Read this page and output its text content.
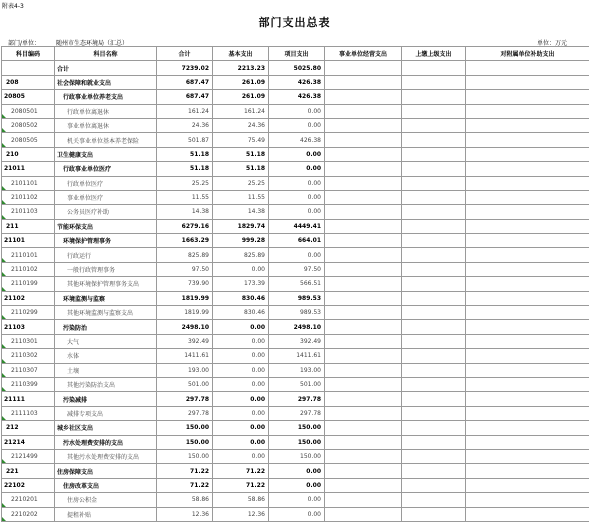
附表4-3
部门支出总表
部门/单位：	随州市生态环境局（汇总）	单位：万元
科目编码	科目名称	合计	基本支出	项目支出	事业单位经营支出	上缴上级支出	对附属单位补助支出
	合计	7239.02	2213.23	5025.80			
208	社会保障和就业支出	687.47	261.09	426.38			
20805	行政事业单位养老支出	687.47	261.09	426.38			

2080501	行政单位离退休	161.24	161.24	0.00			

2080502	事业单位离退休	24.36	24.36	0.00			

2080505	机关事业单位基本养老保险	501.87	75.49	426.38			
210	卫生健康支出	51.18	51.18	0.00			
21011	行政事业单位医疗	51.18	51.18	0.00			

2101101	行政单位医疗	25.25	25.25	0.00			

2101102	事业单位医疗	11.55	11.55	0.00			

2101103	公务员医疗补助	14.38	14.38	0.00			
211	节能环保支出	6279.16	1829.74	4449.41			
21101	环境保护管理事务	1663.29	999.28	664.01			

2110101	行政运行	825.89	825.89	0.00			

2110102	一般行政管理事务	97.50	0.00	97.50			

2110199	其他环境保护管理事务支出	739.90	173.39	566.51			
21102	环境监测与监察	1819.99	830.46	989.53			

2110299	其他环境监测与监察支出	1819.99	830.46	989.53			
21103	污染防治	2498.10	0.00	2498.10			

2110301	大气	392.49	0.00	392.49			

2110302	水体	1411.61	0.00	1411.61			

2110307	土壤	193.00	0.00	193.00			

2110399	其他污染防治支出	501.00	0.00	501.00			
21111	污染减排	297.78	0.00	297.78			

2111103	减排专项支出	297.78	0.00	297.78			
212	城乡社区支出	150.00	0.00	150.00			
21214	污水处理费安排的支出	150.00	0.00	150.00			

2121499	其他污水处理费安排的支出	150.00	0.00	150.00			
221	住房保障支出	71.22	71.22	0.00			
22102	住房改革支出	71.22	71.22	0.00			

2210201	住房公积金	58.86	58.86	0.00			

2210202	提租补贴	12.36	12.36	0.00			
